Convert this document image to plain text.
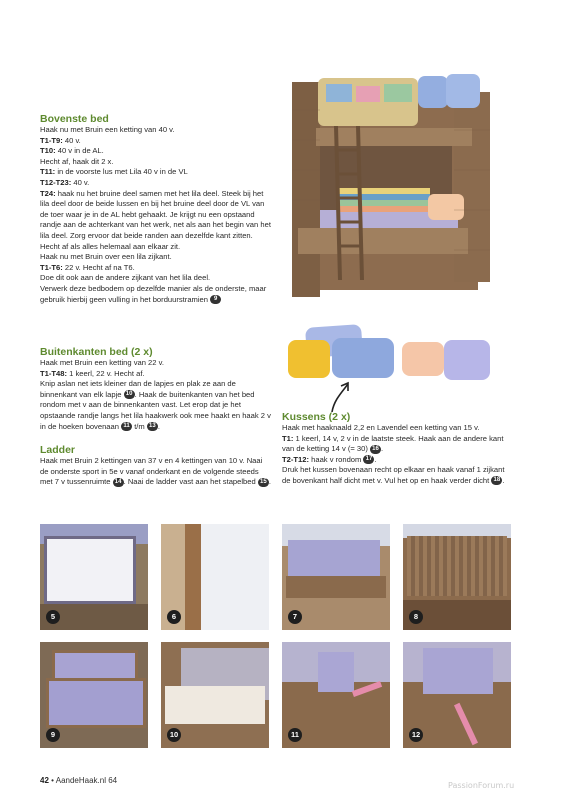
Bovenste bed

Haak nu met Bruin een ketting van 40 v.

T1-T9: 40 v.

T10: 40 v in de AL.

Hecht af, haak dit 2 x.

T11: in de voorste lus met Lila 40 v in de VL

T12-T23: 40 v.

T24: haak nu het bruine deel samen met het lila deel. Steek bij het lila deel door de beide lussen en bij het bruine deel door de VL van de toer waar je in de AL hebt gehaakt. Je krijgt nu een opstaand randje aan de achterkant van het werk, net als aan het begin van het lila deel. Zorg ervoor dat beide randen aan dezelfde kant zitten. Hecht af als alles helemaal aan elkaar zit.

Haak nu met Bruin over een lila zijkant.

T1-T6: 22 v. Hecht af na T6.

Doe dit ook aan de andere zijkant van het lila deel.

Verwerk deze bedbodem op dezelfde manier als de onderste, maar gebruik hierbij geen vulling in het borduurstramien 9

Buitenkanten bed (2 x)

Haak met Bruin een ketting van 22 v.

T1-T48: 1 keerl, 22 v. Hecht af.

Knip aslan net iets kleiner dan de lapjes en plak ze aan de binnenkant van elk lapje 10 . Haak de buitenkanten van het bed rondom met v aan de binnenkanten vast. Let erop dat je het opstaande randje langs het lila haakwerk ook mee haakt en haak 2 v in de hoeken bovenaan 11 t/m 13 .

Ladder

Haak met Bruin 2 kettingen van 37 v en 4 kettingen van 10 v. Naai de onderste sport in 5e v vanaf onderkant en de volgende steeds met 7 v tussenruimte 14 . Naai de ladder vast aan het stapelbed 15 .

Kussens (2 x)

Haak met haaknaald 2,2 en Lavendel een ketting van 15 v.

T1: 1 keerl, 14 v, 2 v in de laatste steek. Haak aan de andere kant van de ketting 14 v (= 30) 16 .

T2-T12: haak v rondom 17 .

Druk het kussen bovenaan recht op elkaar en haak vanaf 1 zijkant de bovenkant half dicht met v. Vul het op en haak verder dicht 18 .

5	6	7	8
9	10	11	12
42 • AandeHaak.nl 64
PassionForum.ru
